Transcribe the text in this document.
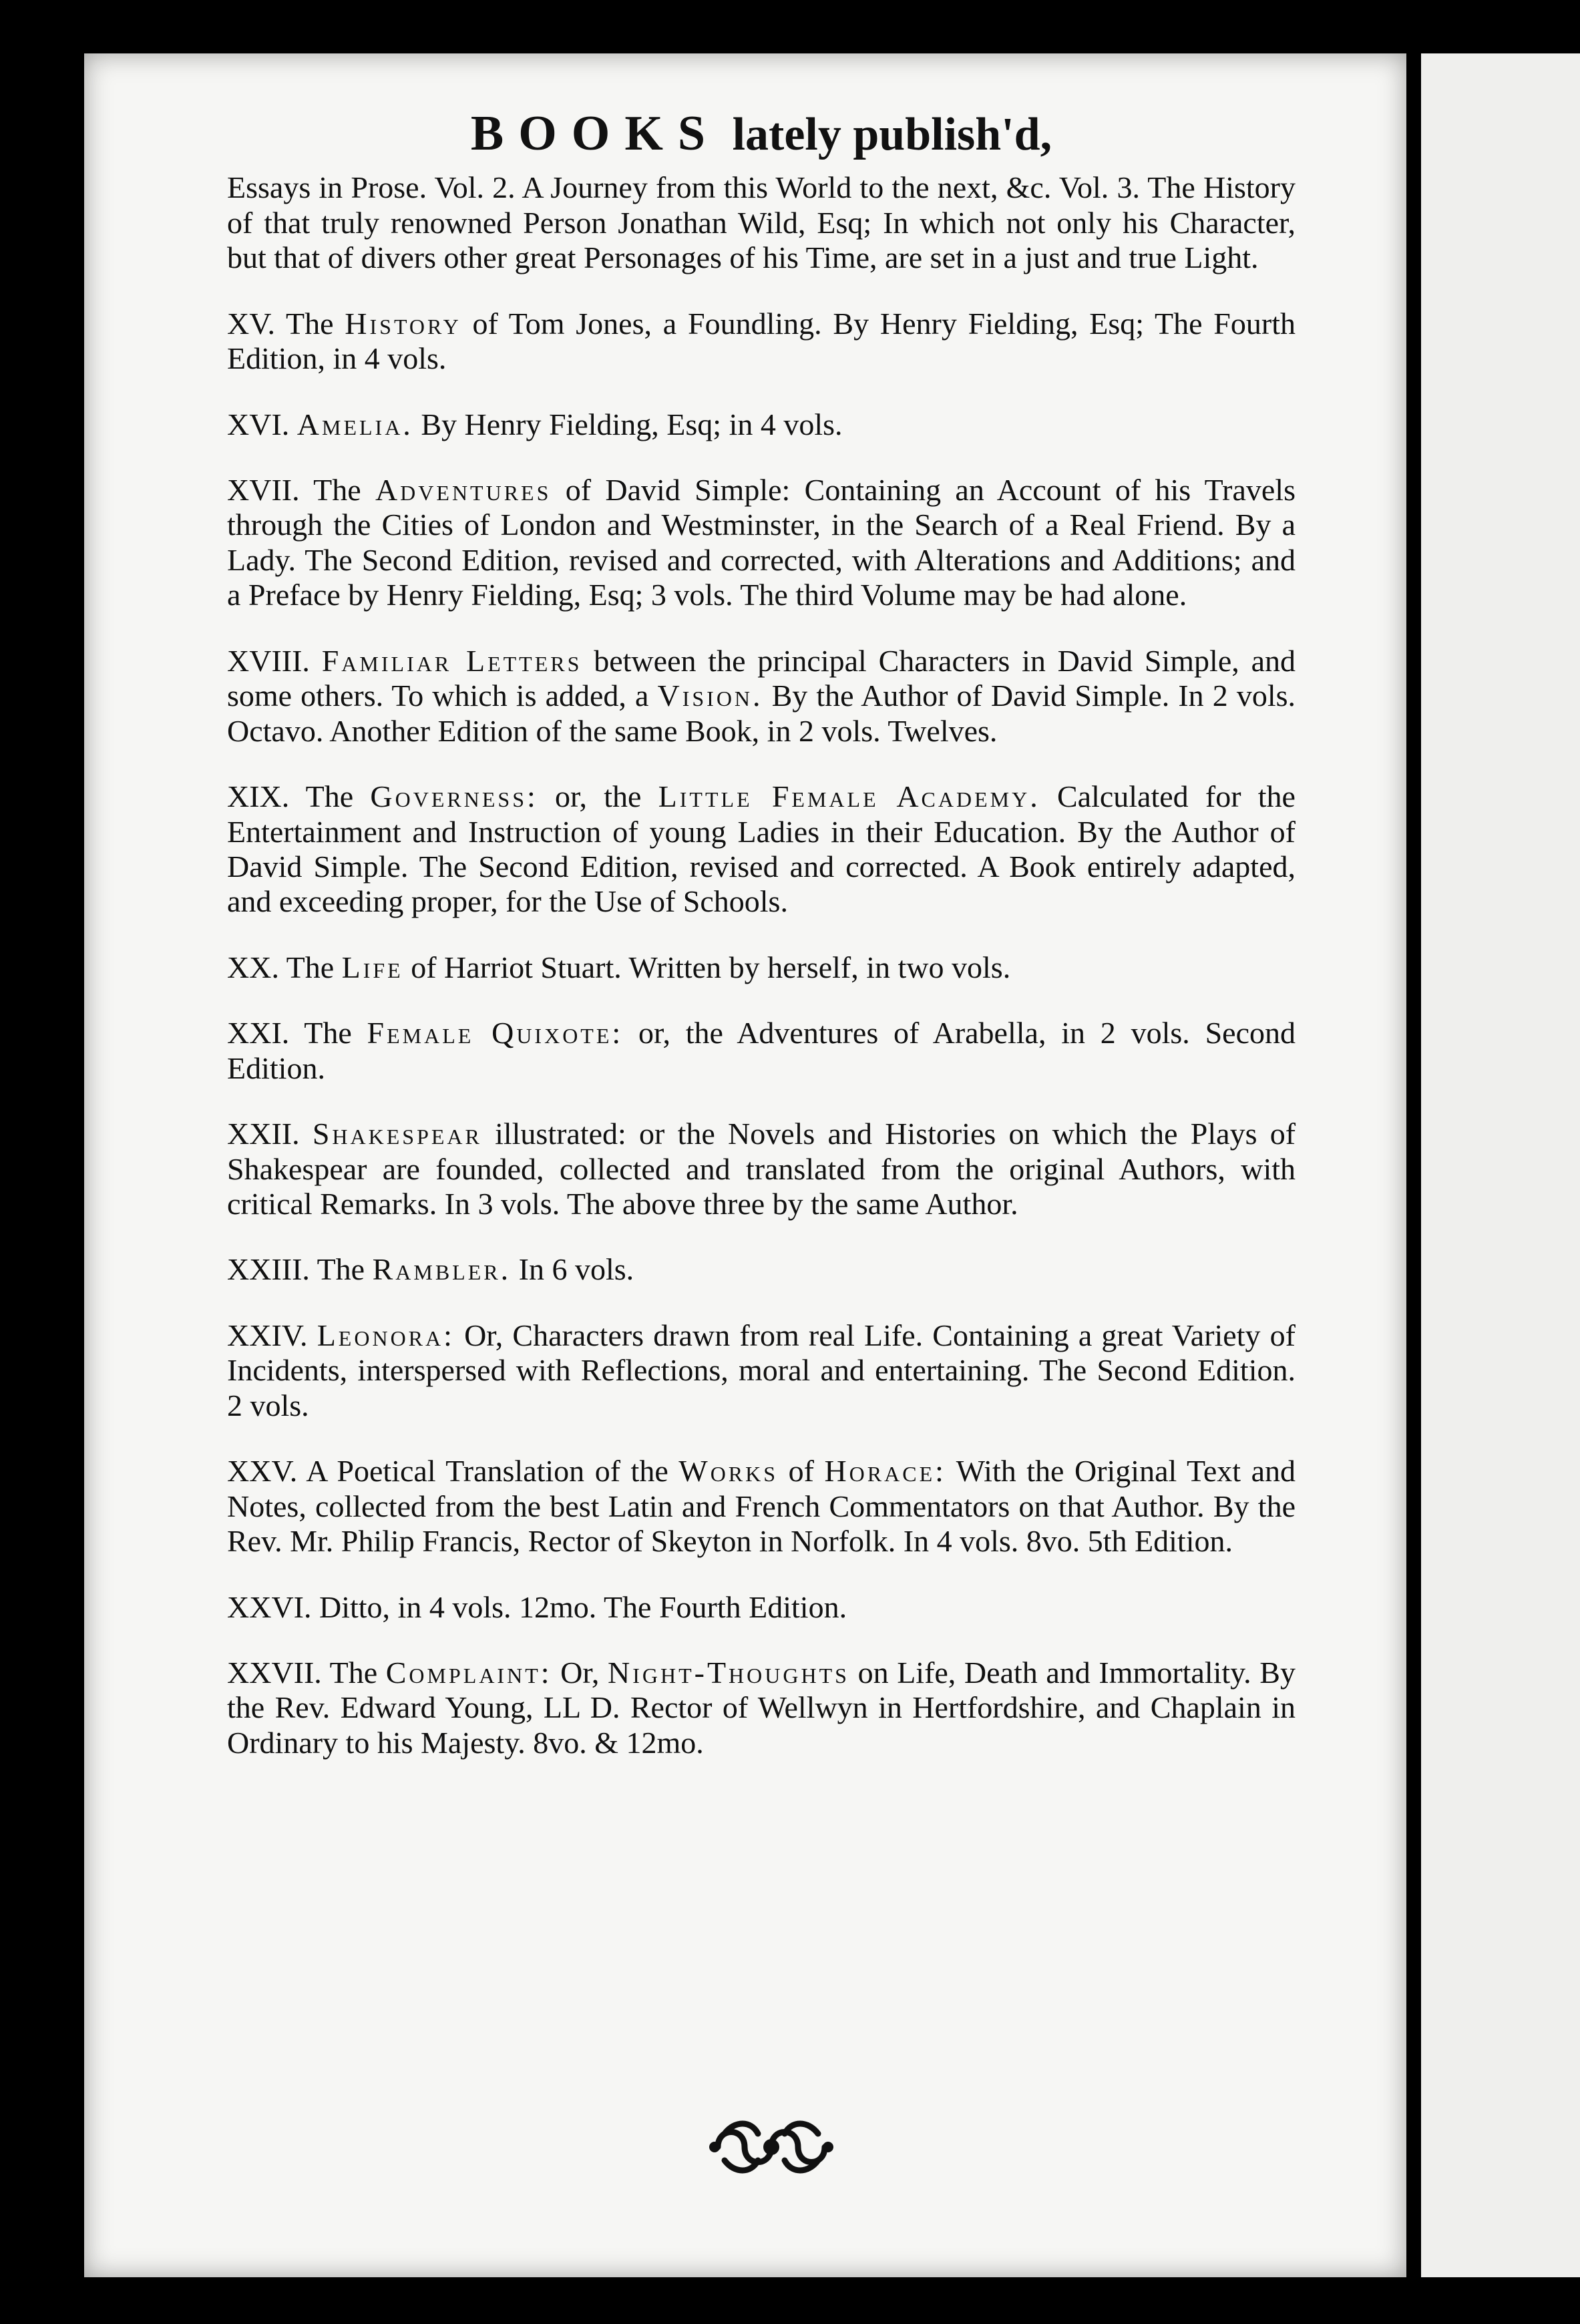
BOOKS lately publish'd,

Essays in Prose. Vol. 2. A Journey from this World to the next, &c. Vol. 3. The History of that truly renowned Person Jonathan Wild, Esq; In which not only his Character, but that of divers other great Personages of his Time, are set in a just and true Light.

XV. The History of Tom Jones, a Foundling. By Henry Fielding, Esq; The Fourth Edition, in 4 vols.

XVI. Amelia. By Henry Fielding, Esq; in 4 vols.

XVII. The Adventures of David Simple: Containing an Account of his Travels through the Cities of London and Westminster, in the Search of a Real Friend. By a Lady. The Second Edition, revised and corrected, with Alterations and Additions; and a Preface by Henry Fielding, Esq; 3 vols. The third Volume may be had alone.

XVIII. Familiar Letters between the principal Characters in David Simple, and some others. To which is added, a Vision. By the Author of David Simple. In 2 vols. Octavo. Another Edition of the same Book, in 2 vols. Twelves.

XIX. The Governess: or, the Little Female Academy. Calculated for the Entertainment and Instruction of young Ladies in their Education. By the Author of David Simple. The Second Edition, revised and corrected. A Book entirely adapted, and exceeding proper, for the Use of Schools.

XX. The Life of Harriot Stuart. Written by herself, in two vols.

XXI. The Female Quixote: or, the Adventures of Arabella, in 2 vols. Second Edition.

XXII. Shakespear illustrated: or the Novels and Histories on which the Plays of Shakespear are founded, collected and translated from the original Authors, with critical Remarks. In 3 vols. The above three by the same Author.

XXIII. The Rambler. In 6 vols.

XXIV. Leonora: Or, Characters drawn from real Life. Containing a great Variety of Incidents, interspersed with Reflections, moral and entertaining. The Second Edition. 2 vols.

XXV. A Poetical Translation of the Works of Horace: With the Original Text and Notes, collected from the best Latin and French Commentators on that Author. By the Rev. Mr. Philip Francis, Rector of Skeyton in Norfolk. In 4 vols. 8vo. 5th Edition.

XXVI. Ditto, in 4 vols. 12mo. The Fourth Edition.

XXVII. The Complaint: Or, Night-Thoughts on Life, Death and Immortality. By the Rev. Edward Young, LL D. Rector of Wellwyn in Hertfordshire, and Chaplain in Ordinary to his Majesty. 8vo. & 12mo.
